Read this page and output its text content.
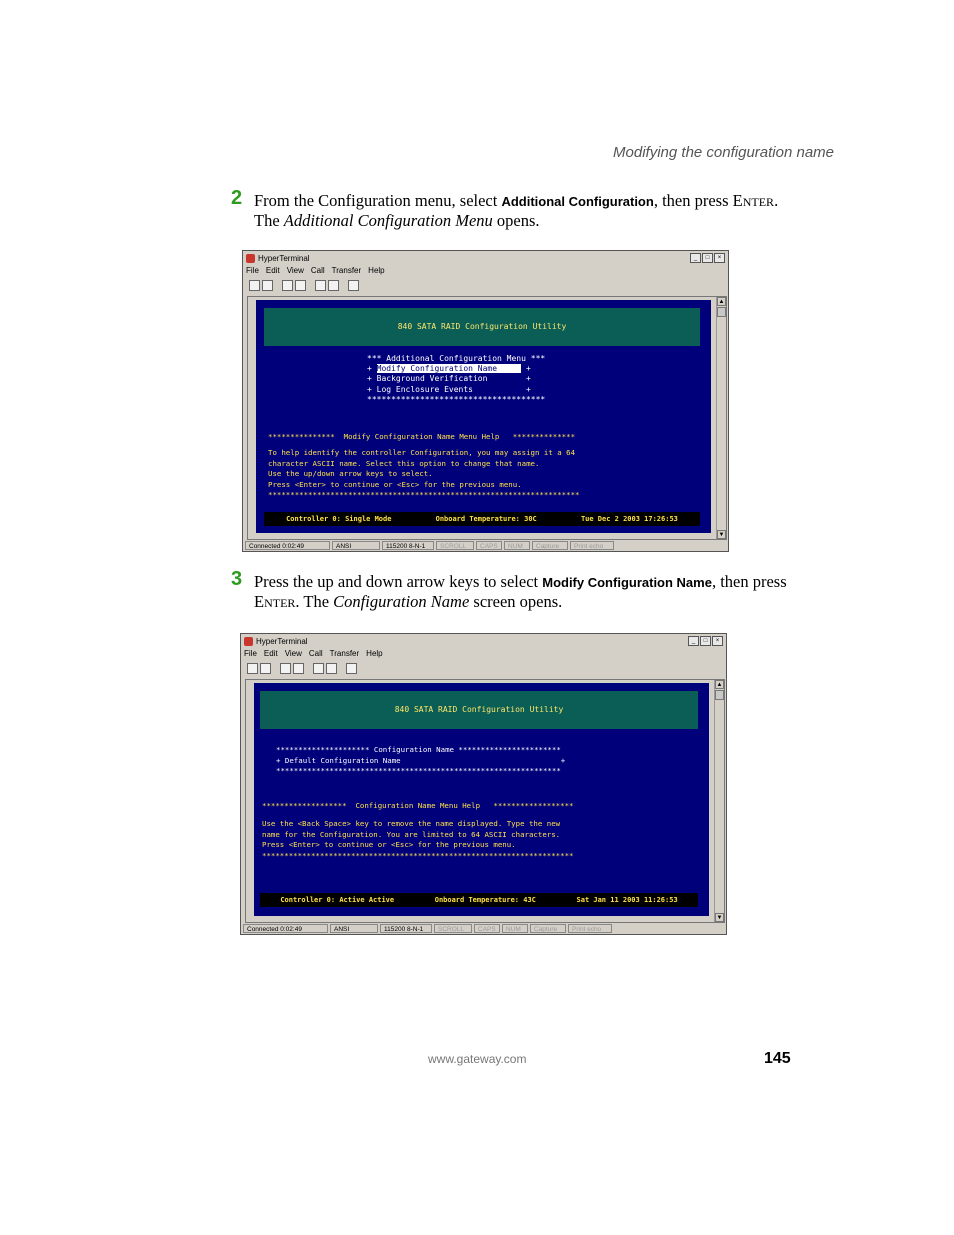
Modifying the configuration name
2 From the Configuration menu, select Additional Configuration, then press Enter. The Additional Configuration Menu opens.
HyperTerminal	_	□	×
File Edit View Call Transfer Help
840 SATA RAID Configuration Utility
*** Additional Configuration Menu ***
+ Modify Configuration Name      +
+ Background Verification        +
+ Log Enclosure Events           +
*************************************
***************  Modify Configuration Name Menu Help   **************
To help identify the controller Configuration, you may assign it a 64
character ASCII name. Select this option to change that name.
Use the up/down arrow keys to select.
Press <Enter> to continue or <Esc> for the previous menu.
**********************************************************************
Controller 0: Single Mode	Onboard Temperature: 30C	Tue Dec 2 2003 17:26:53
▲
▼
Connected 0:02:49	ANSI	115200 8-N-1	SCROLL	CAPS	NUM	Capture	Print echo
3 Press the up and down arrow keys to select Modify Configuration Name, then press Enter. The Configuration Name screen opens.
HyperTerminal	_	□	×
File Edit View Call Transfer Help
840 SATA RAID Configuration Utility
********************* Configuration Name ***********************
+ Default Configuration Name                                    +
****************************************************************
*******************  Configuration Name Menu Help   ******************
Use the <Back Space> key to remove the name displayed. Type the new
name for the Configuration. You are limited to 64 ASCII characters.
Press <Enter> to continue or <Esc> for the previous menu.
**********************************************************************
Controller 0: Active Active	Onboard Temperature: 43C	Sat Jan 11 2003 11:26:53
▲
▼
Connected 0:02:49	ANSI	115200 8-N-1	SCROLL	CAPS	NUM	Capture	Print echo
www.gateway.com	145
